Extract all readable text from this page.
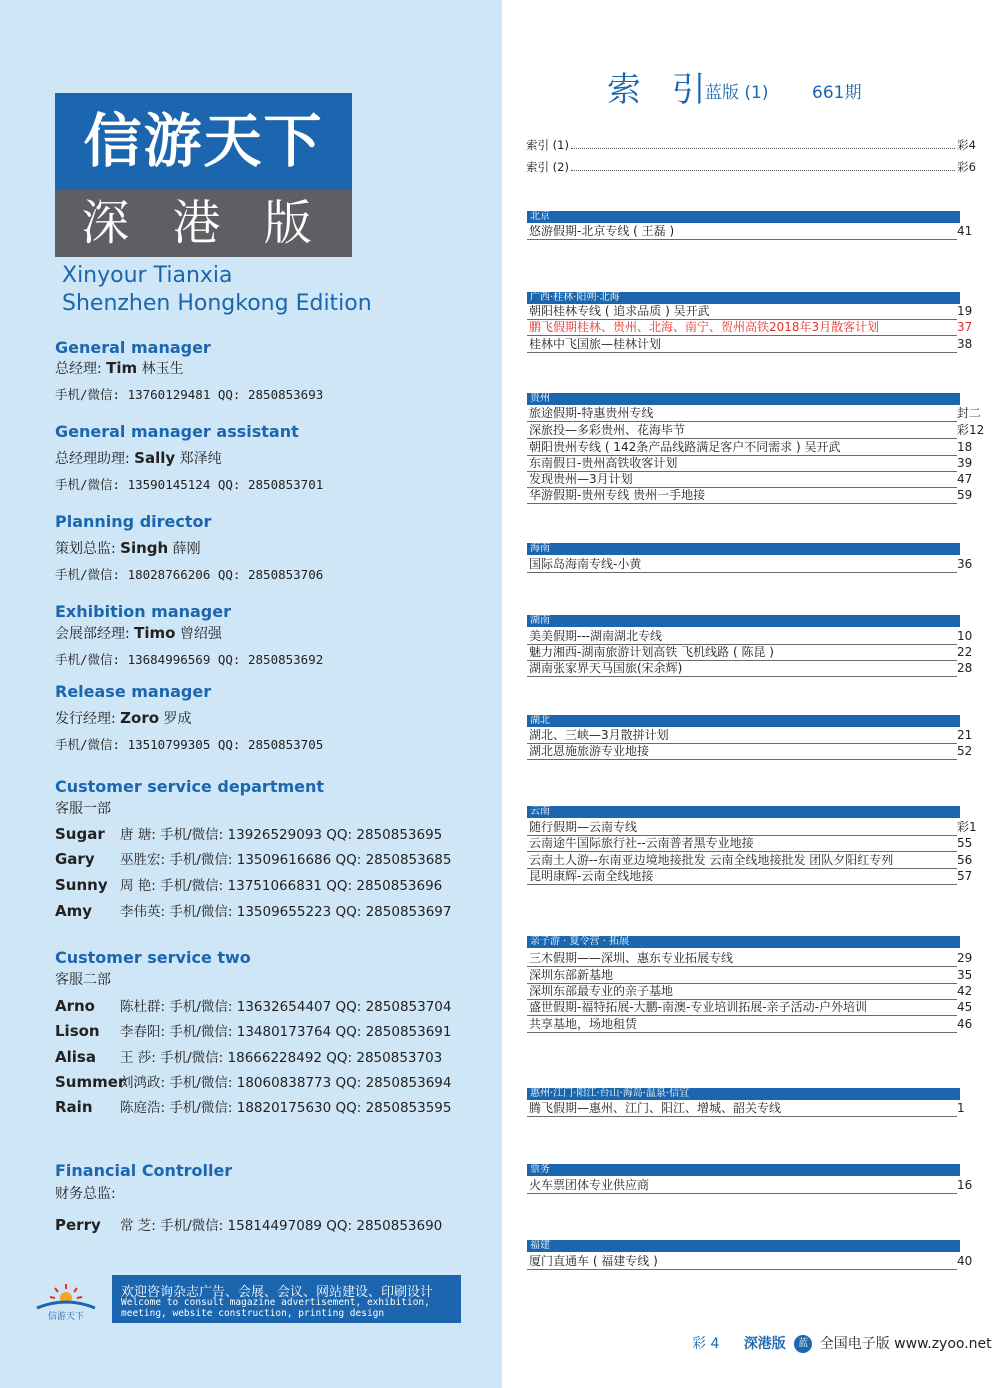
信游天下
深 港 版
Xinyour Tianxia
Shenzhen Hongkong Edition
General manager
总经理: Tim 林玉生
手机/微信: 13760129481 QQ: 2850853693
General manager assistant
总经理助理: Sally 郑泽纯
手机/微信: 13590145124 QQ: 2850853701
Planning director
策划总监: Singh 薛刚
手机/微信: 18028766206 QQ: 2850853706
Exhibition manager
会展部经理: Timo 曾绍强
手机/微信: 13684996569 QQ: 2850853692
Release manager
发行经理: Zoro 罗成
手机/微信: 13510799305 QQ: 2850853705
Customer service department
客服一部
Sugar 唐 瑭: 手机/微信: 13926529093 QQ: 2850853695
Gary 巫胜宏: 手机/微信: 13509616686 QQ: 2850853685
Sunny 周 艳: 手机/微信: 13751066831 QQ: 2850853696
Amy 李伟英: 手机/微信: 13509655223 QQ: 2850853697
Customer service two
客服二部
Arno 陈杜群: 手机/微信: 13632654407 QQ: 2850853704
Lison 李春阳: 手机/微信: 13480173764 QQ: 2850853691
Alisa 王 莎: 手机/微信: 18666228492 QQ: 2850853703
Summer刘鸿政: 手机/微信: 18060838773 QQ: 2850853694
Rain 陈庭浩: 手机/微信: 18820175630 QQ: 2850853595
Financial Controller
财务总监:
Perry 常 芝: 手机/微信: 15814497089 QQ: 2850853690
信游天下
欢迎咨询杂志广告、会展、会议、网站建设、印刷设计
Welcome to consult magazine advertisement, exhibition,
meeting, website construction, printing design
索 引
蓝版 (1)	661期
索引 (1)	彩4
索引 (2)	彩6
北京
悠游假期-北京专线 ( 王磊 )	41
广西·桂林·阳朔·北海
朝阳桂林专线 ( 追求品质 ) 吴开武	19
鹏飞假期桂林、贵州、北海、南宁、贺州高铁2018年3月散客计划	37
桂林中飞国旅—桂林计划	38
贵州
旅途假期-特惠贵州专线	封二
深旅投—多彩贵州、花海毕节	彩12
朝阳贵州专线 ( 142条产品线路满足客户不同需求 ) 吴开武	18
东南假日-贵州高铁收客计划	39
发现贵州—3月计划	47
华游假期-贵州专线 贵州一手地接	59
海南
国际岛海南专线-小黄	36
湖南
美美假期---湖南湖北专线	10
魅力湘西-湖南旅游计划高铁 飞机线路 ( 陈昆 )	22
湖南张家界天马国旅(宋余辉)	28
湖北
湖北、三峡—3月散拼计划	21
湖北恩施旅游专业地接	52
云南
随行假期—云南专线	彩1
云南途牛国际旅行社--云南普者黑专业地接	55
云南土人游--东南亚边境地接批发 云南全线地接批发 团队夕阳红专列	56
昆明康辉-云南全线地接	57
亲子游 · 夏令营 · 拓展
三木假期——深圳、惠东专业拓展专线	29
深圳东部新基地	35
深圳东部最专业的亲子基地	42
盛世假期-福特拓展-大鹏-南澳-专业培训拓展-亲子活动-户外培训	45
共享基地，场地租赁	46
惠州·江门·阳江·台山·海岛·温泉·信宜
腾飞假期—惠州、江门、阳江、增城、韶关专线	1
票务
火车票团体专业供应商	16
福建
厦门直通车 ( 福建专线 )	40
彩 4 深港版 蓝 全国电子版 www.zyoo.net
